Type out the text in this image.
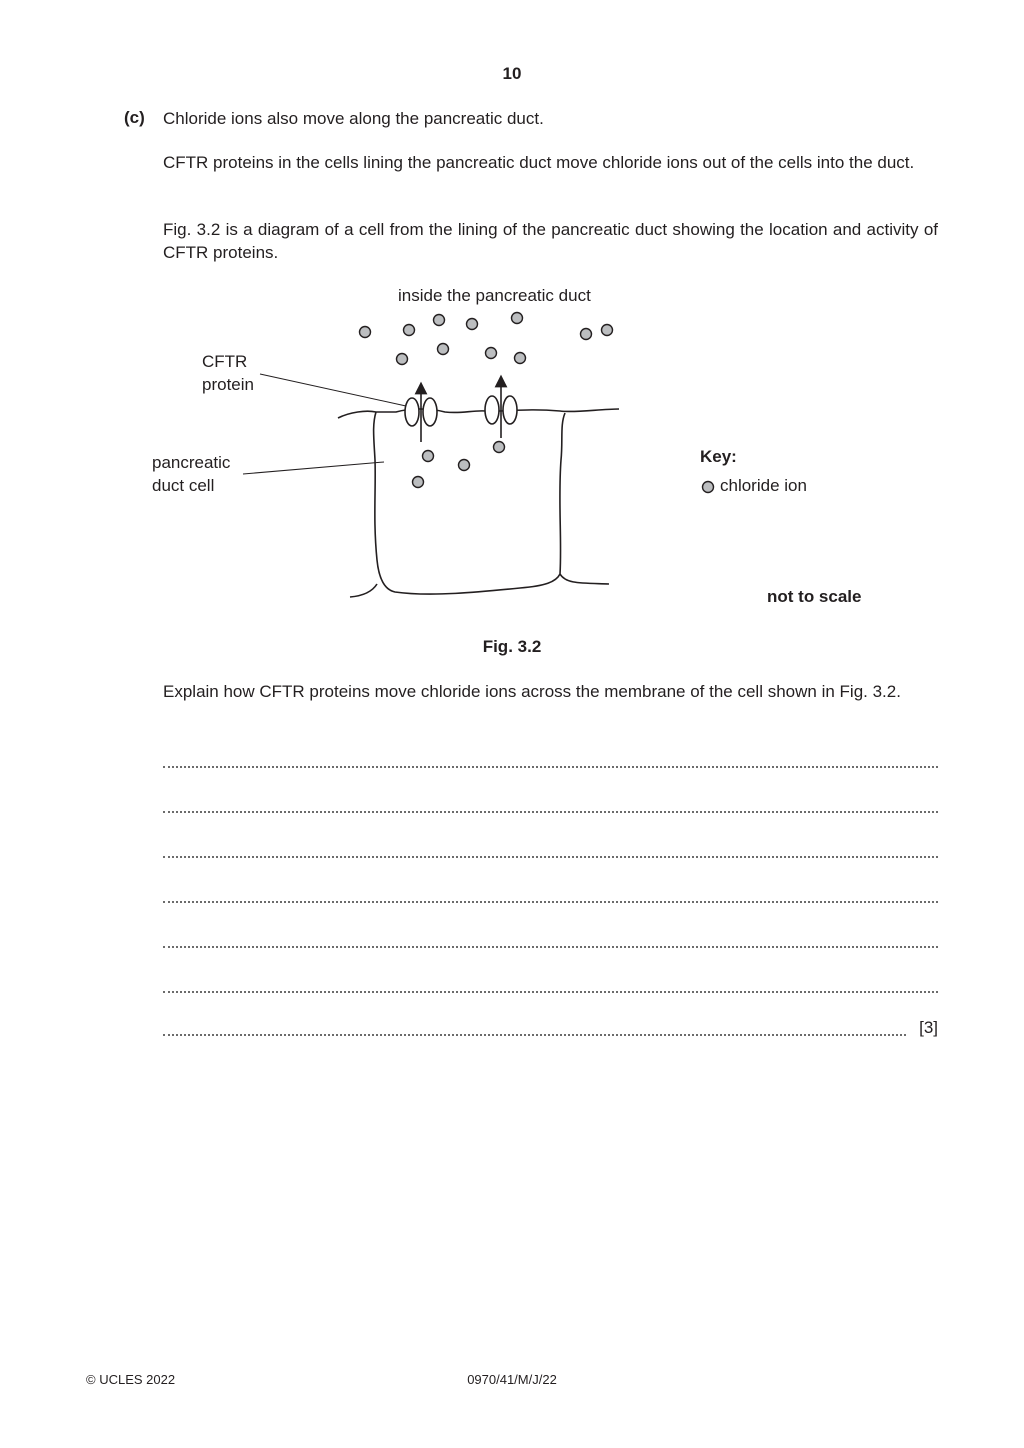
10
(c) Chloride ions also move along the pancreatic duct.
CFTR proteins in the cells lining the pancreatic duct move chloride ions out of the cells into the duct.
Fig. 3.2 is a diagram of a cell from the lining of the pancreatic duct showing the location and activity of CFTR proteins.
inside the pancreatic duct
CFTR
protein
pancreatic
duct cell
Key:
chloride ion
not to scale
Fig. 3.2
Explain how CFTR proteins move chloride ions across the membrane of the cell shown in Fig. 3.2.
[3]
© UCLES 2022	0970/41/M/J/22
